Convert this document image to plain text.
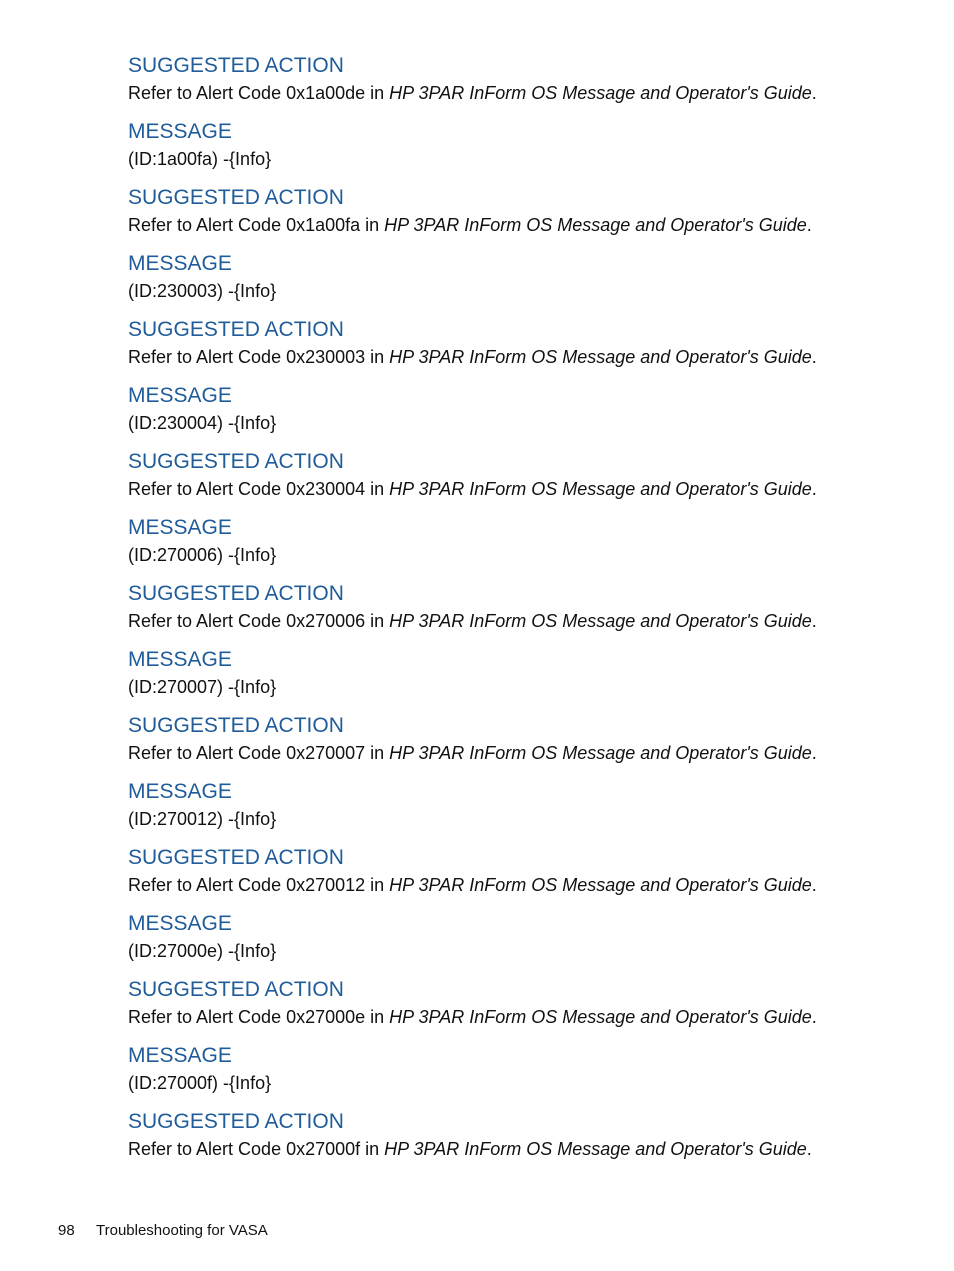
SUGGESTED ACTION
Refer to Alert Code 0x1a00de in HP 3PAR InForm OS Message and Operator's Guide.
MESSAGE
(ID:1a00fa) -{Info}
SUGGESTED ACTION
Refer to Alert Code 0x1a00fa in HP 3PAR InForm OS Message and Operator's Guide.
MESSAGE
(ID:230003) -{Info}
SUGGESTED ACTION
Refer to Alert Code 0x230003 in HP 3PAR InForm OS Message and Operator's Guide.
MESSAGE
(ID:230004) -{Info}
SUGGESTED ACTION
Refer to Alert Code 0x230004 in HP 3PAR InForm OS Message and Operator's Guide.
MESSAGE
(ID:270006) -{Info}
SUGGESTED ACTION
Refer to Alert Code 0x270006 in HP 3PAR InForm OS Message and Operator's Guide.
MESSAGE
(ID:270007) -{Info}
SUGGESTED ACTION
Refer to Alert Code 0x270007 in HP 3PAR InForm OS Message and Operator's Guide.
MESSAGE
(ID:270012) -{Info}
SUGGESTED ACTION
Refer to Alert Code 0x270012 in HP 3PAR InForm OS Message and Operator's Guide.
MESSAGE
(ID:27000e) -{Info}
SUGGESTED ACTION
Refer to Alert Code 0x27000e in HP 3PAR InForm OS Message and Operator's Guide.
MESSAGE
(ID:27000f) -{Info}
SUGGESTED ACTION
Refer to Alert Code 0x27000f in HP 3PAR InForm OS Message and Operator's Guide.
98 Troubleshooting for VASA
